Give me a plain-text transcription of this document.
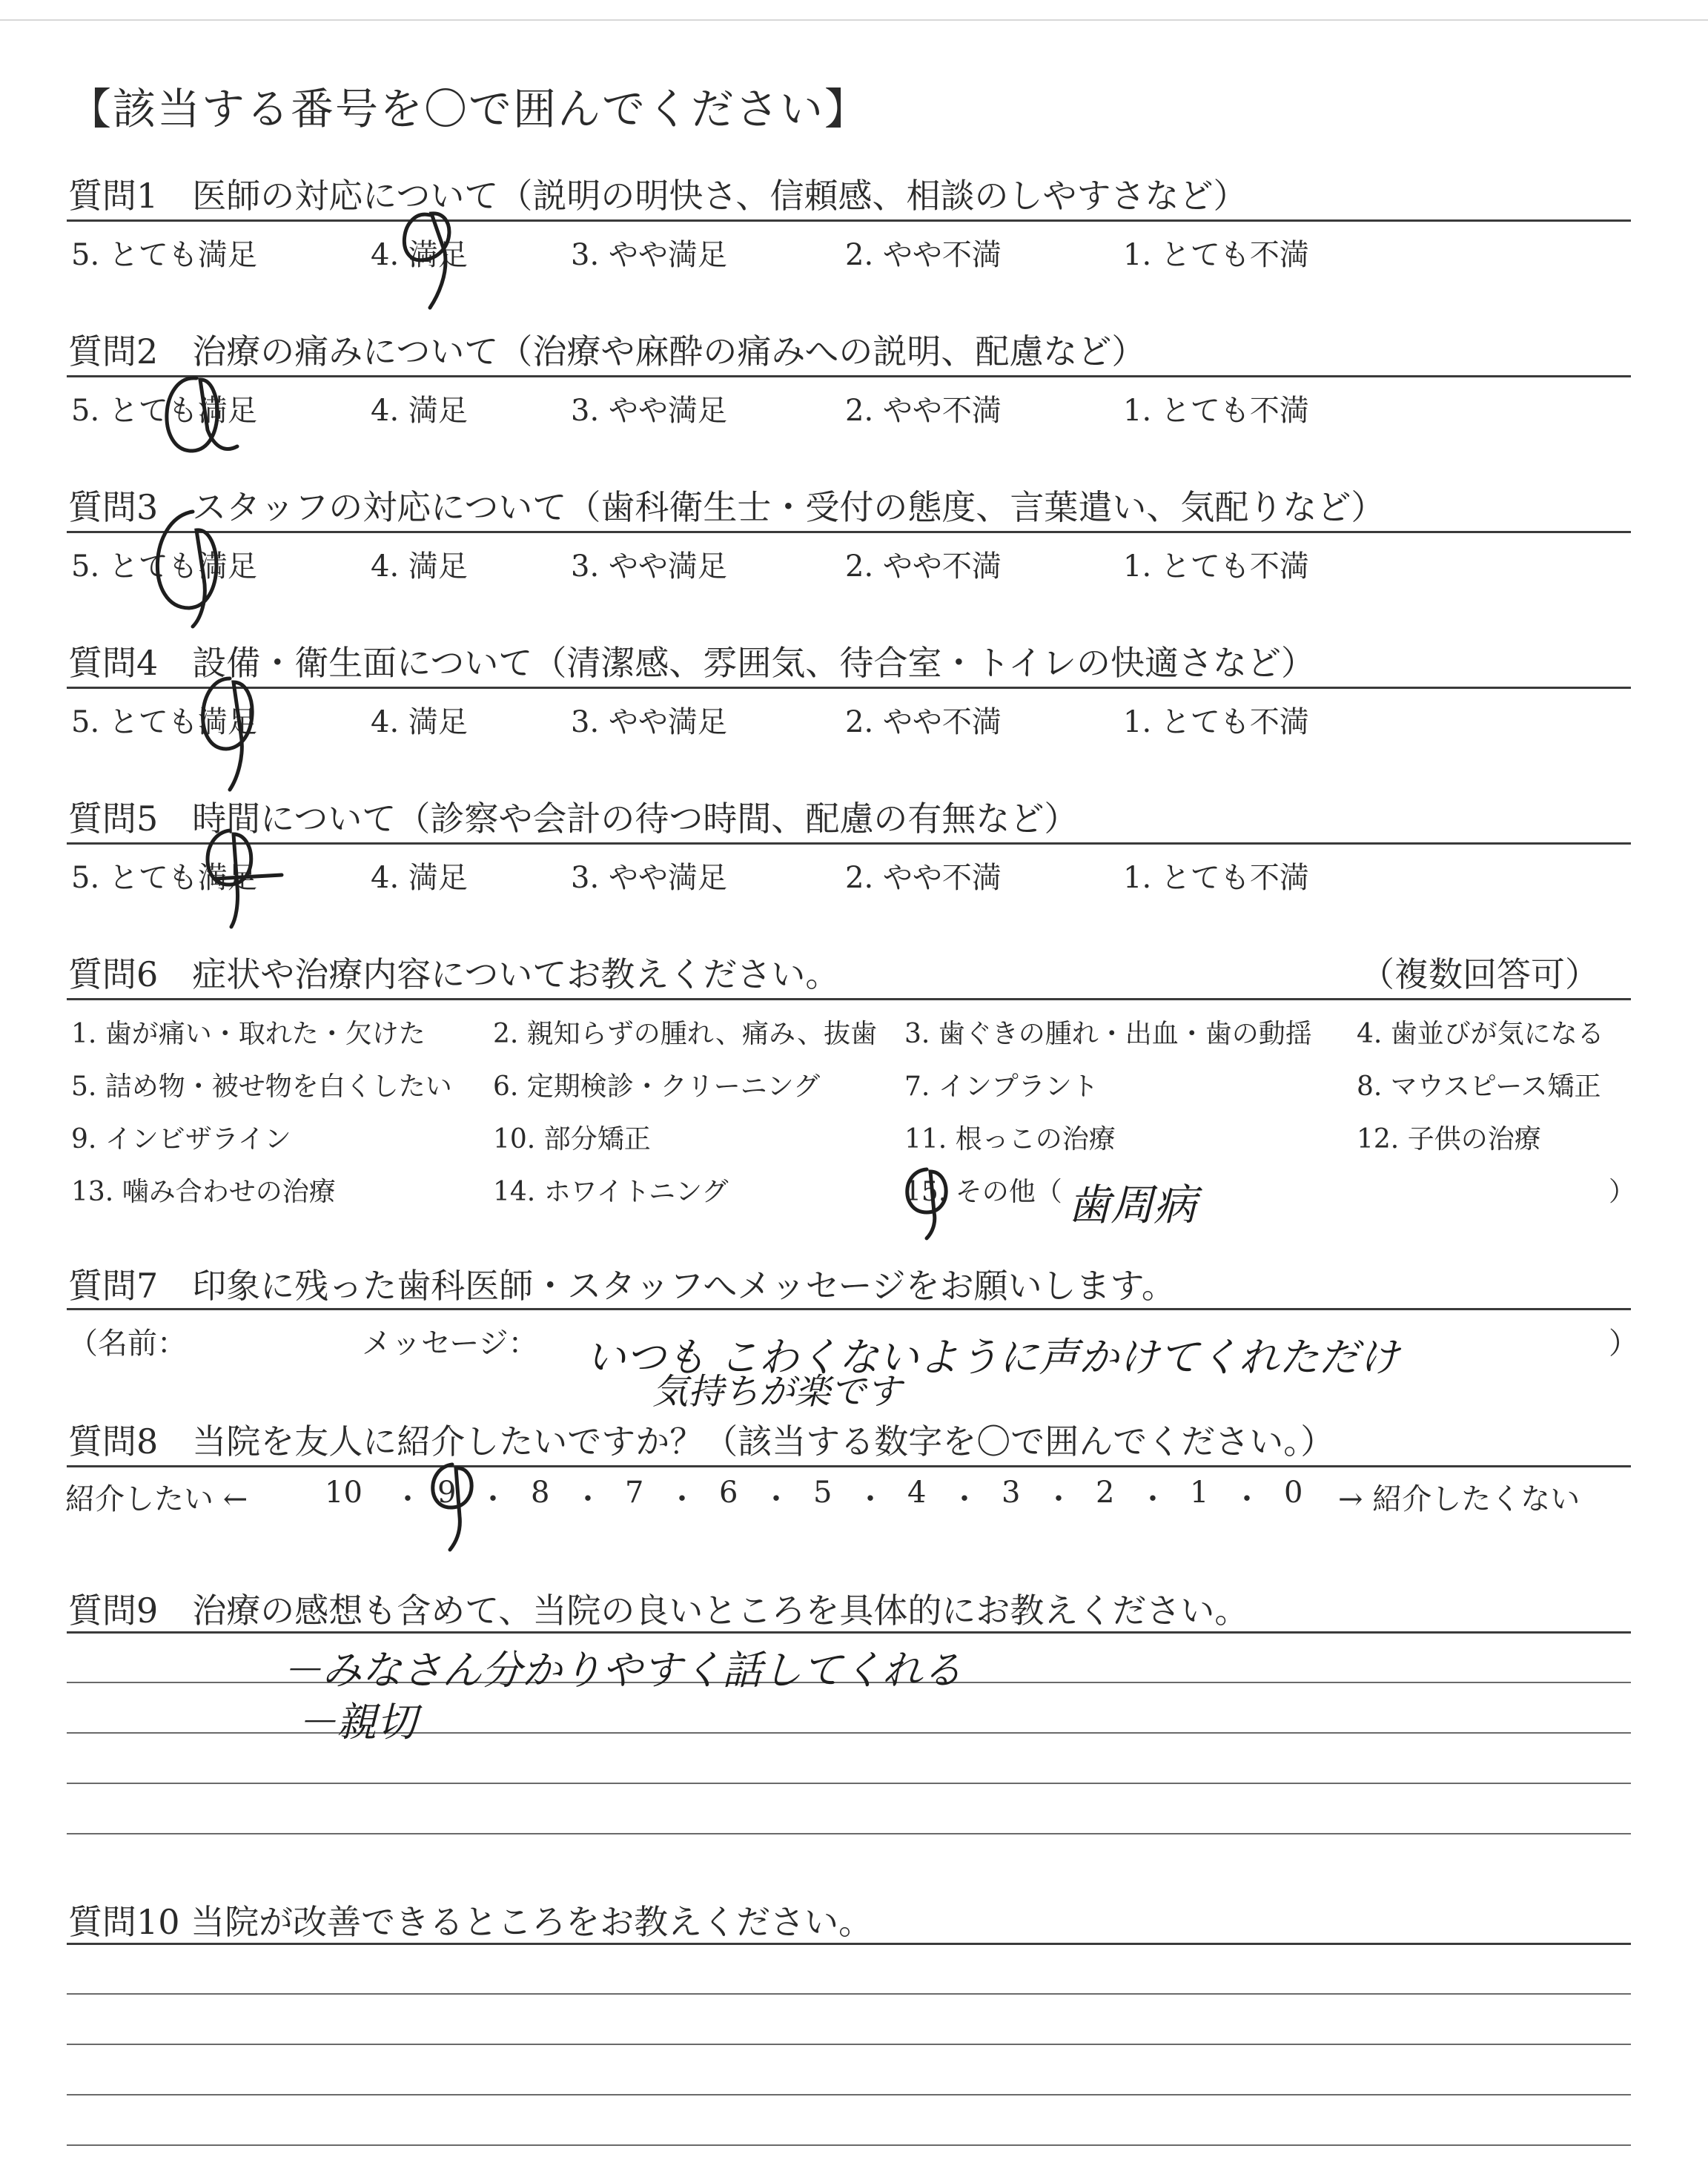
【該当する番号を〇で囲んでください】
質問1　医師の対応について（説明の明快さ、信頼感、相談のしやすさなど）
5. とても満足	4. 満足	3. やや満足	2. やや不満	1. とても不満
質問2　治療の痛みについて（治療や麻酔の痛みへの説明、配慮など）
5. とても満足	4. 満足	3. やや満足	2. やや不満	1. とても不満
質問3　スタッフの対応について（歯科衛生士・受付の態度、言葉遣い、気配りなど）
5. とても満足	4. 満足	3. やや満足	2. やや不満	1. とても不満
質問4　設備・衛生面について（清潔感、雰囲気、待合室・トイレの快適さなど）
5. とても満足	4. 満足	3. やや満足	2. やや不満	1. とても不満
質問5　時間について（診察や会計の待つ時間、配慮の有無など）
5. とても満足	4. 満足	3. やや満足	2. やや不満	1. とても不満
質問6　症状や治療内容についてお教えください。	（複数回答可）
1. 歯が痛い・取れた・欠けた	2. 親知らずの腫れ、痛み、抜歯 3. 歯ぐきの腫れ・出血・歯の動揺 4. 歯並びが気になる
5. 詰め物・被せ物を白くしたい 6. 定期検診・クリーニング	7. インプラント	8. マウスピース矯正
9. インビザライン	10. 部分矯正	11. 根っこの治療	12. 子供の治療
13. 噛み合わせの治療	14. ホワイトニング	15. その他（	）
歯周病
質問7　印象に残った歯科医師・スタッフへメッセージをお願いします。
（名前：	メッセージ：	）
いつも こわくないように声かけてくれただけ
気持ちが楽です
質問8　当院を友人に紹介したいですか？（該当する数字を〇で囲んでください。）
紹介したい ←	→ 紹介したくない
10 ・ 9 ・ 8 ・ 7 ・ 6 ・ 5 ・ 4 ・ 3 ・ 2 ・ 1 ・ 0
質問9　治療の感想も含めて、当院の良いところを具体的にお教えください。
－みなさん分かりやすく話してくれる
－親切
質問10 当院が改善できるところをお教えください。
